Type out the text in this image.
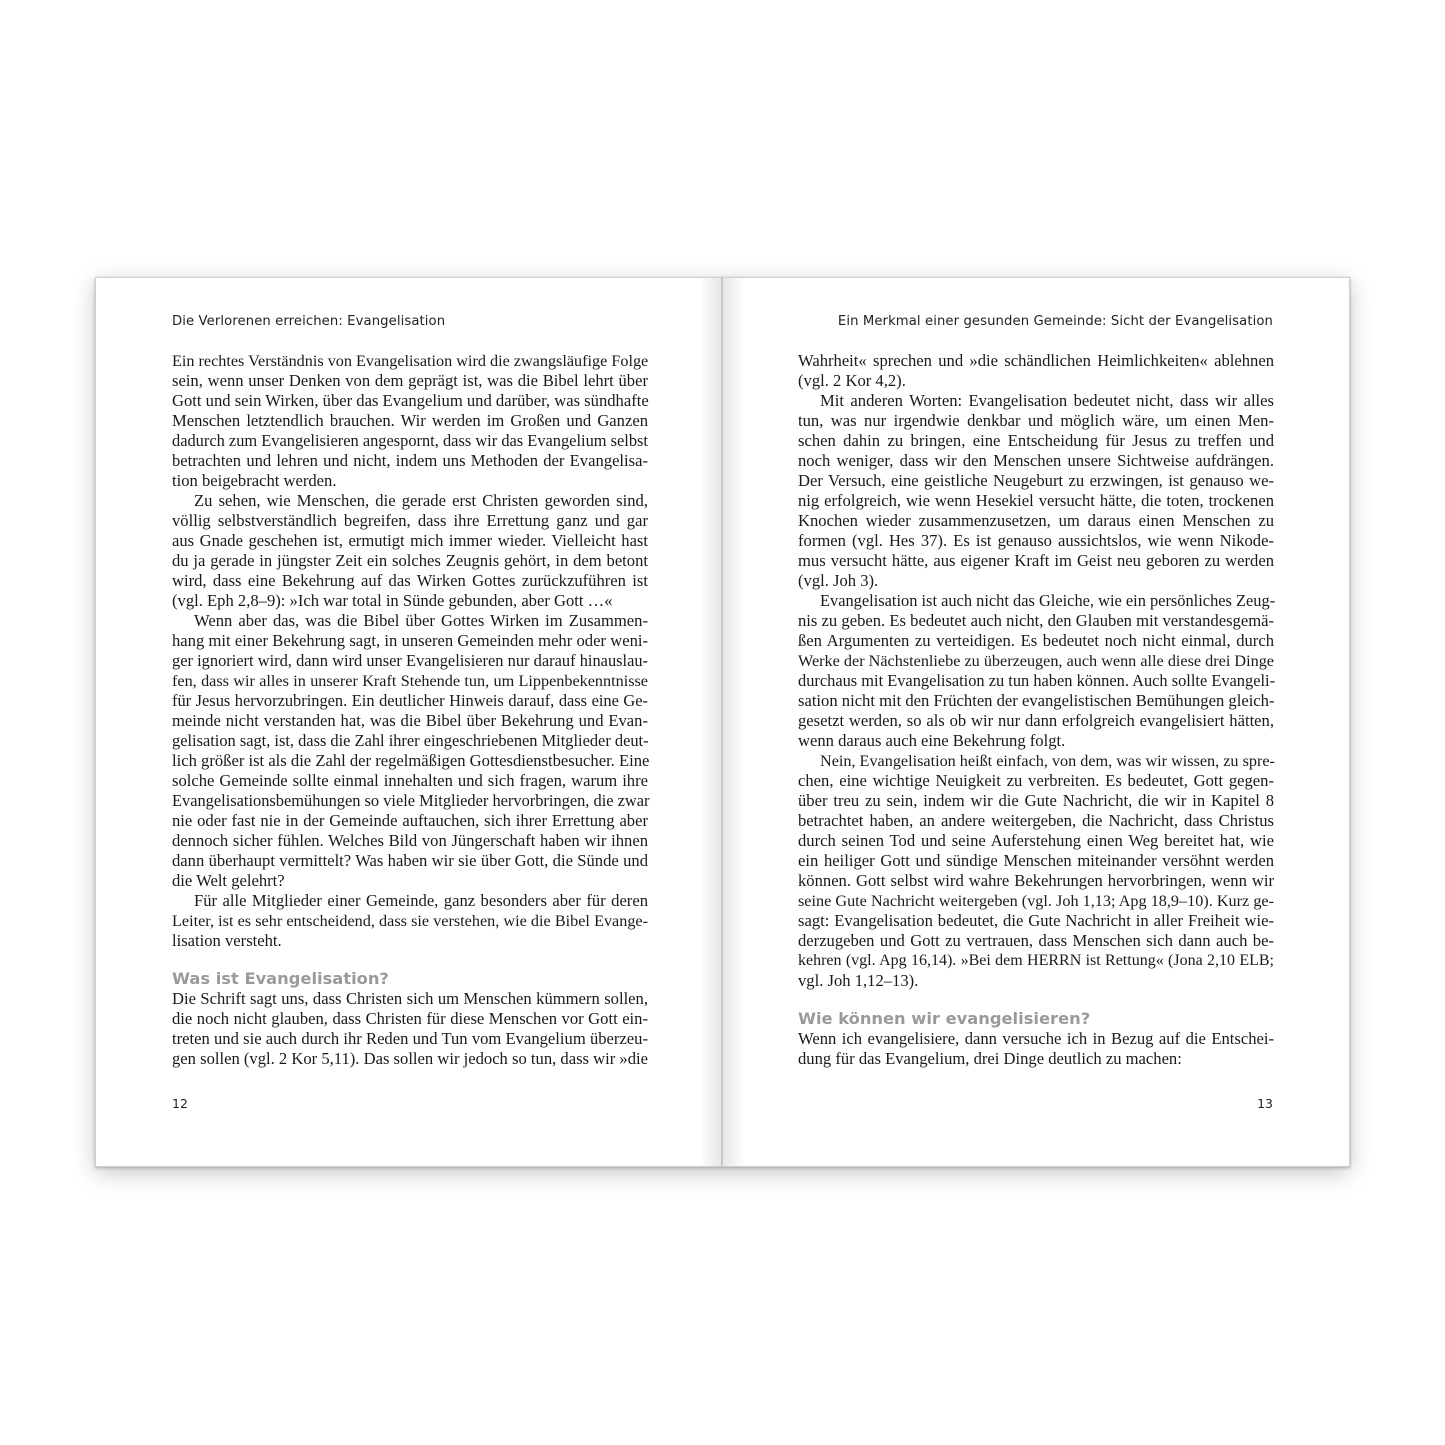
Die Verlorenen erreichen: Evangelisation
Ein rechtes Verständnis von Evangelisation wird die zwangsläufige Folge
sein, wenn unser Denken von dem geprägt ist, was die Bibel lehrt über
Gott und sein Wirken, über das Evangelium und darüber, was sündhafte
Menschen letztendlich brauchen. Wir werden im Großen und Ganzen
dadurch zum Evangelisieren angespornt, dass wir das Evangelium selbst
betrachten und lehren und nicht, indem uns Methoden der Evangelisa-
tion beigebracht werden.
Zu sehen, wie Menschen, die gerade erst Christen geworden sind,
völlig selbstverständlich begreifen, dass ihre Errettung ganz und gar
aus Gnade geschehen ist, ermutigt mich immer wieder. Vielleicht hast
du ja gerade in jüngster Zeit ein solches Zeugnis gehört, in dem betont
wird, dass eine Bekehrung auf das Wirken Gottes zurückzuführen ist
(vgl. Eph 2,8–9): »Ich war total in Sünde gebunden, aber Gott …«
Wenn aber das, was die Bibel über Gottes Wirken im Zusammen-
hang mit einer Bekehrung sagt, in unseren Gemeinden mehr oder weni-
ger ignoriert wird, dann wird unser Evangelisieren nur darauf hinauslau-
fen, dass wir alles in unserer Kraft Stehende tun, um Lippenbekenntnisse
für Jesus hervorzubringen. Ein deutlicher Hinweis darauf, dass eine Ge-
meinde nicht verstanden hat, was die Bibel über Bekehrung und Evan-
gelisation sagt, ist, dass die Zahl ihrer eingeschriebenen Mitglieder deut-
lich größer ist als die Zahl der regelmäßigen Gottesdienstbesucher. Eine
solche Gemeinde sollte einmal innehalten und sich fragen, warum ihre
Evangelisationsbemühungen so viele Mitglieder hervorbringen, die zwar
nie oder fast nie in der Gemeinde auftauchen, sich ihrer Errettung aber
dennoch sicher fühlen. Welches Bild von Jüngerschaft haben wir ihnen
dann überhaupt vermittelt? Was haben wir sie über Gott, die Sünde und
die Welt gelehrt?
Für alle Mitglieder einer Gemeinde, ganz besonders aber für deren
Leiter, ist es sehr entscheidend, dass sie verstehen, wie die Bibel Evange-
lisation versteht.
Was ist Evangelisation?
Die Schrift sagt uns, dass Christen sich um Menschen kümmern sollen,
die noch nicht glauben, dass Christen für diese Menschen vor Gott ein-
treten und sie auch durch ihr Reden und Tun vom Evangelium überzeu-
gen sollen (vgl. 2 Kor 5,11). Das sollen wir jedoch so tun, dass wir »die
12
Ein Merkmal einer gesunden Gemeinde: Sicht der Evangelisation
Wahrheit« sprechen und »die schändlichen Heimlichkeiten« ablehnen
(vgl. 2 Kor 4,2).
Mit anderen Worten: Evangelisation bedeutet nicht, dass wir alles
tun, was nur irgendwie denkbar und möglich wäre, um einen Men-
schen dahin zu bringen, eine Entscheidung für Jesus zu treffen und
noch weniger, dass wir den Menschen unsere Sichtweise aufdrängen.
Der Versuch, eine geistliche Neugeburt zu erzwingen, ist genauso we-
nig erfolgreich, wie wenn Hesekiel versucht hätte, die toten, trockenen
Knochen wieder zusammenzusetzen, um daraus einen Menschen zu
formen (vgl. Hes 37). Es ist genauso aussichtslos, wie wenn Nikode-
mus versucht hätte, aus eigener Kraft im Geist neu geboren zu werden
(vgl. Joh 3).
Evangelisation ist auch nicht das Gleiche, wie ein persönliches Zeug-
nis zu geben. Es bedeutet auch nicht, den Glauben mit verstandesgemä-
ßen Argumenten zu verteidigen. Es bedeutet noch nicht einmal, durch
Werke der Nächstenliebe zu überzeugen, auch wenn alle diese drei Dinge
durchaus mit Evangelisation zu tun haben können. Auch sollte Evangeli-
sation nicht mit den Früchten der evangelistischen Bemühungen gleich-
gesetzt werden, so als ob wir nur dann erfolgreich evangelisiert hätten,
wenn daraus auch eine Bekehrung folgt.
Nein, Evangelisation heißt einfach, von dem, was wir wissen, zu spre-
chen, eine wichtige Neuigkeit zu verbreiten. Es bedeutet, Gott gegen-
über treu zu sein, indem wir die Gute Nachricht, die wir in Kapitel 8
betrachtet haben, an andere weitergeben, die Nachricht, dass Christus
durch seinen Tod und seine Auferstehung einen Weg bereitet hat, wie
ein heiliger Gott und sündige Menschen miteinander versöhnt werden
können. Gott selbst wird wahre Bekehrungen hervorbringen, wenn wir
seine Gute Nachricht weitergeben (vgl. Joh 1,13; Apg 18,9–10). Kurz ge-
sagt: Evangelisation bedeutet, die Gute Nachricht in aller Freiheit wie-
derzugeben und Gott zu vertrauen, dass Menschen sich dann auch be-
kehren (vgl. Apg 16,14). »Bei dem HERRN ist Rettung« (Jona 2,10 ELB;
vgl. Joh 1,12–13).
Wie können wir evangelisieren?
Wenn ich evangelisiere, dann versuche ich in Bezug auf die Entschei-
dung für das Evangelium, drei Dinge deutlich zu machen:
13
